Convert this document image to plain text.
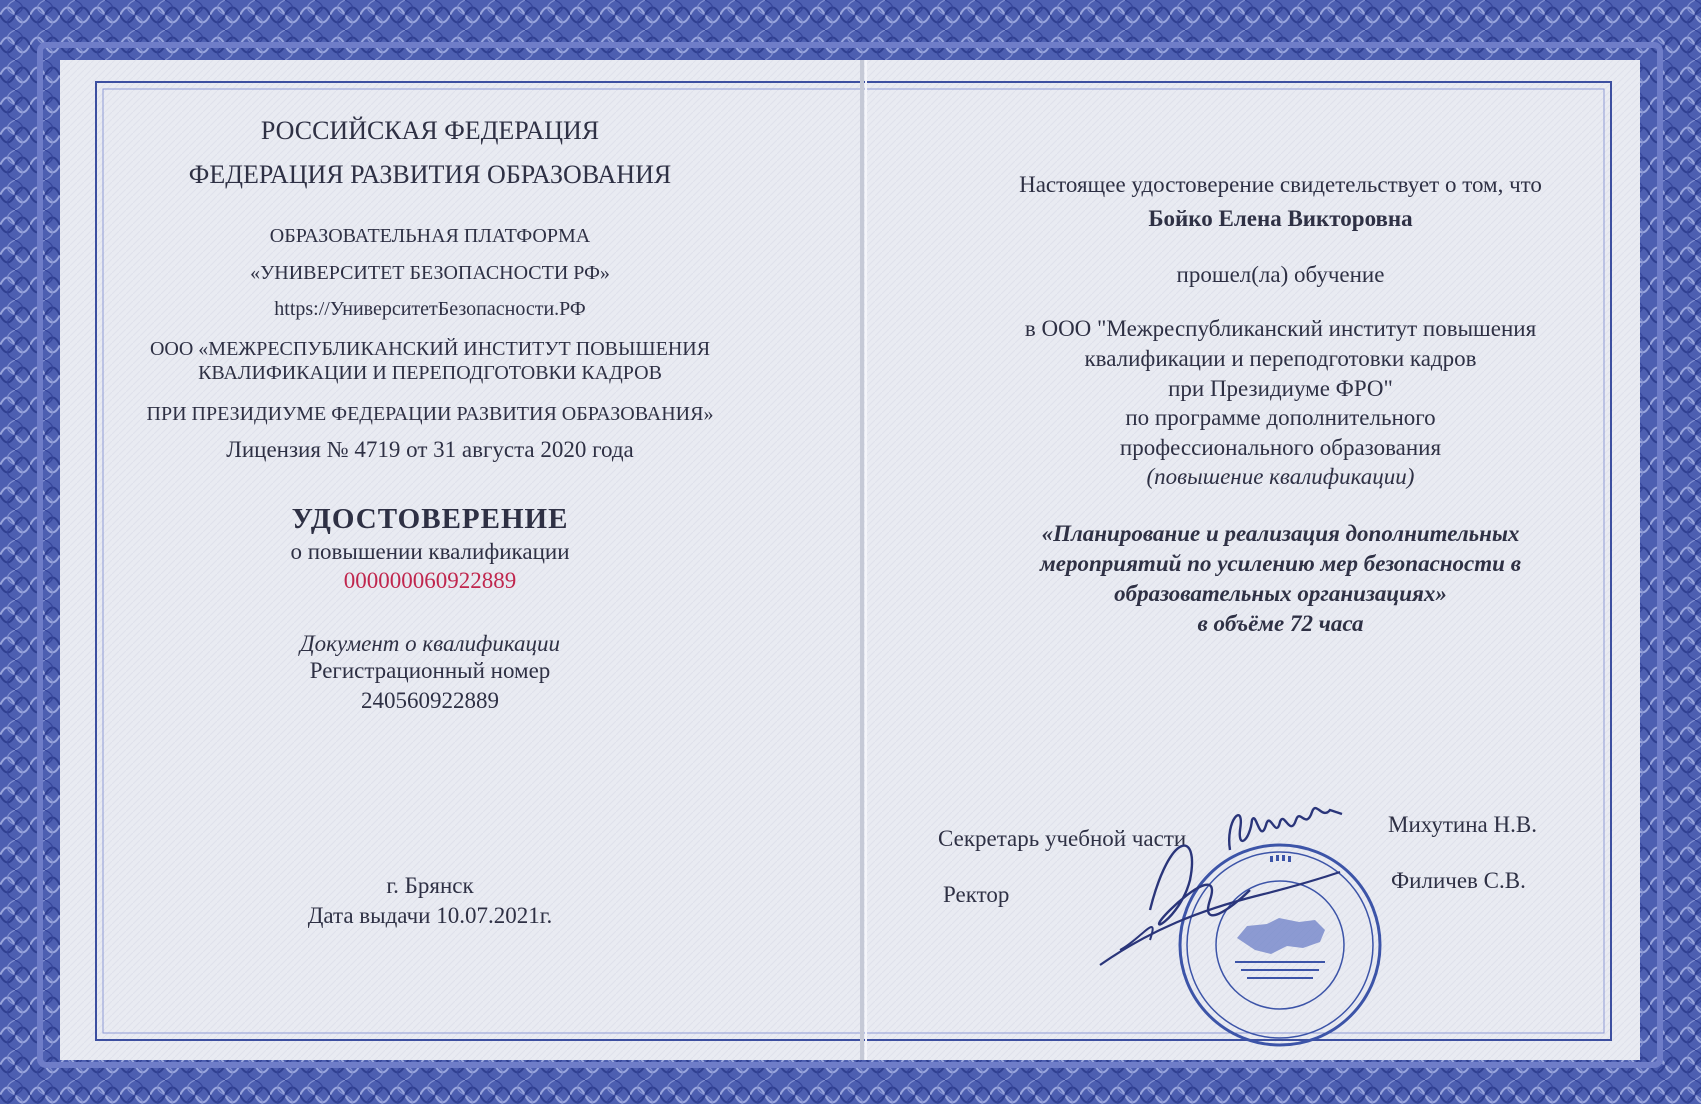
РОССИЙСКАЯ ФЕДЕРАЦИЯ
ФЕДЕРАЦИЯ РАЗВИТИЯ ОБРАЗОВАНИЯ
ОБРАЗОВАТЕЛЬНАЯ ПЛАТФОРМА
«УНИВЕРСИТЕТ БЕЗОПАСНОСТИ РФ»
https://УниверситетБезопасности.РФ
ООО «МЕЖРЕСПУБЛИКАНСКИЙ ИНСТИТУТ ПОВЫШЕНИЯ
КВАЛИФИКАЦИИ И ПЕРЕПОДГОТОВКИ КАДРОВ
ПРИ ПРЕЗИДИУМЕ ФЕДЕРАЦИИ РАЗВИТИЯ ОБРАЗОВАНИЯ»
Лицензия № 4719 от 31 августа 2020 года
УДОСТОВЕРЕНИЕ
о повышении квалификации
000000060922889
Документ о квалификации
Регистрационный номер
240560922889
г. Брянск
Дата выдачи 10.07.2021г.
Настоящее удостоверение свидетельствует о том, что
Бойко Елена Викторовна
прошел(ла) обучение
в ООО "Межреспубликанский институт повышения
квалификации и переподготовки кадров
при Президиуме ФРО"
по программе дополнительного
профессионального образования
(повышение квалификации)
«Планирование и реализация дополнительных
мероприятий по усилению мер безопасности в
образовательных организациях»
в объёме 72 часа
Секретарь учебной части
Михутина Н.В.
Ректор
Филичев С.В.
